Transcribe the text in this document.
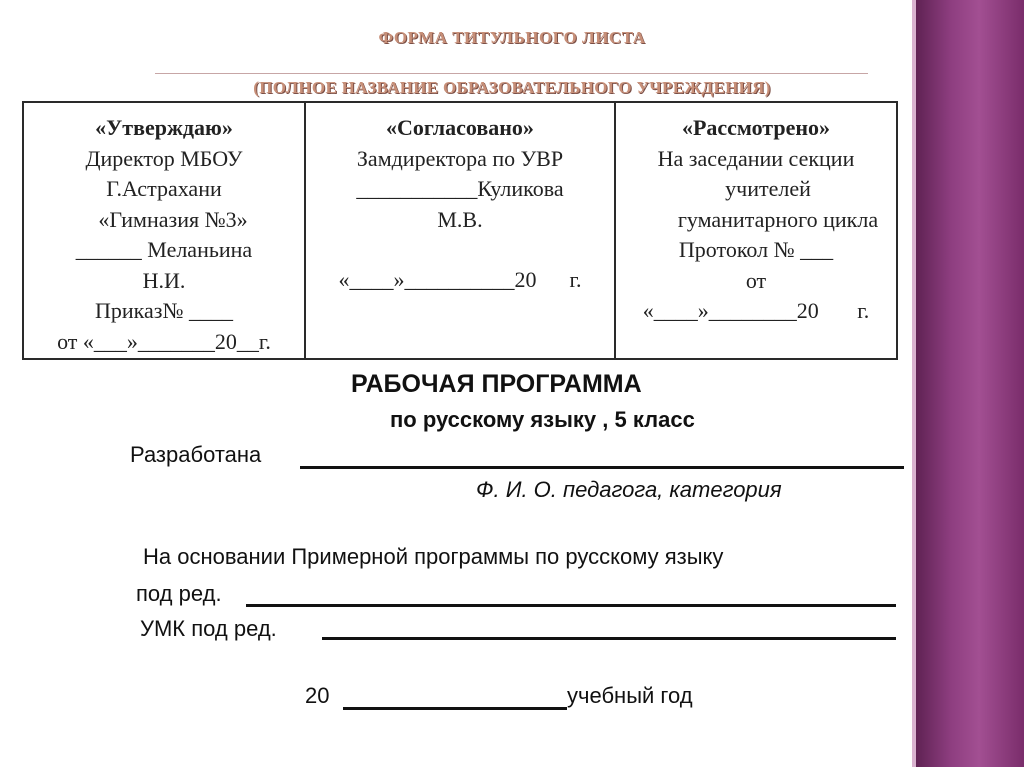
ФОРМА ТИТУЛЬНОГО ЛИСТА
(ПОЛНОЕ НАЗВАНИЕ ОБРАЗОВАТЕЛЬНОГО УЧРЕЖДЕНИЯ)
«Утверждаю»
Директор МБОУ
Г.Астрахани
«Гимназия №3»
______ Меланьина
Н.И.
Приказ№ ____
от «___»_______20__г.

«Согласовано»
Замдиректора по УВР
___________Куликова
М.В.
«____»__________20      г.

«Рассмотрено»
На заседании секции
учителей
гуманитарного цикла
Протокол № ___
от
«____»________20       г.
РАБОЧАЯ ПРОГРАММА
по русскому языку , 5 класс
Разработана
Ф. И. О. педагога, категория
На основании Примерной программы по русскому языку
под ред.
УМК под ред.
20	учебный год
